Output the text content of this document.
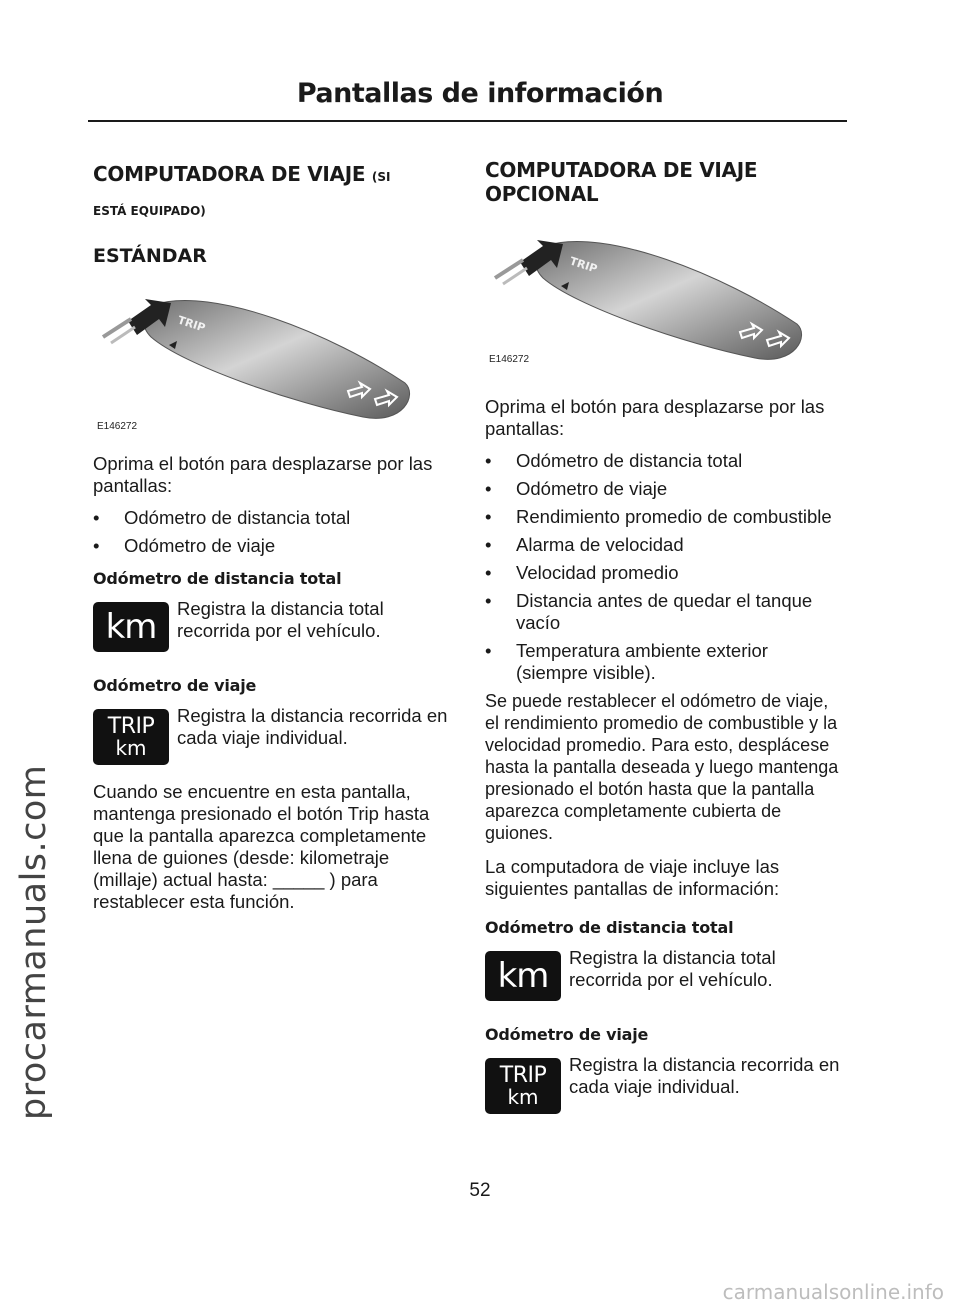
Pantallas de información
procarmanuals.com
COMPUTADORA DE VIAJE (SI
ESTÁ EQUIPADO)
ESTÁNDAR
TRIP
E146272
Oprima el botón para desplazarse por las pantallas:
• Odómetro de distancia total
• Odómetro de viaje
Odómetro de distancia total
km Registra la distancia total recorrida por el vehículo.
Odómetro de viaje
TRIP
km
Registra la distancia recorrida en cada viaje individual.
Cuando se encuentre en esta pantalla, mantenga presionado el botón Trip hasta que la pantalla aparezca completamente llena de guiones (desde: kilometraje (millaje) actual hasta: _____ ) para restablecer esta función.
COMPUTADORA DE VIAJE
OPCIONAL
TRIP
E146272
Oprima el botón para desplazarse por las pantallas:
• Odómetro de distancia total
• Odómetro de viaje
• Rendimiento promedio de combustible
• Alarma de velocidad
• Velocidad promedio
• Distancia antes de quedar el tanque vacío
• Temperatura ambiente exterior (siempre visible).
Se puede restablecer el odómetro de viaje, el rendimiento promedio de combustible y la velocidad promedio. Para esto, desplácese hasta la pantalla deseada y luego mantenga presionado el botón hasta que la pantalla aparezca completamente cubierta de guiones.
La computadora de viaje incluye las siguientes pantallas de información:
Odómetro de distancia total
km Registra la distancia total recorrida por el vehículo.
Odómetro de viaje
TRIP
km
Registra la distancia recorrida en cada viaje individual.
52
carmanualsonline.info
